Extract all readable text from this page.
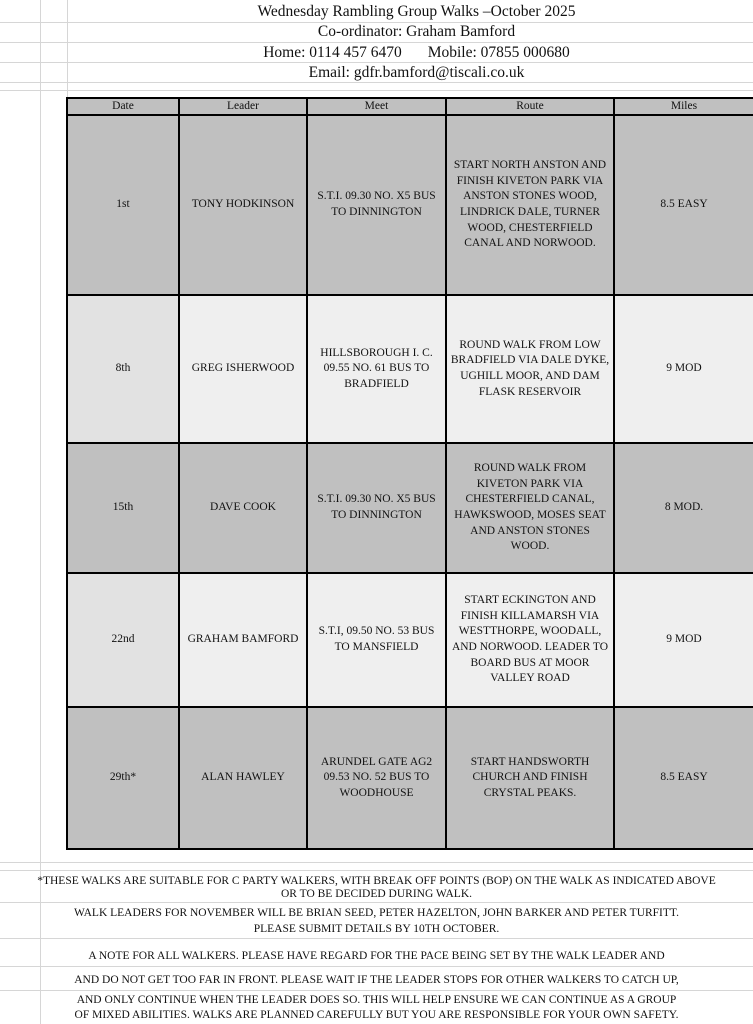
Wednesday Rambling Group Walks –October 2025
Co-ordinator: Graham Bamford
Home: 0114 457 6470 Mobile: 07855 000680
Email: gdfr.bamford@tiscali.co.uk
Date	Leader	Meet	Route	Miles
1st	TONY HODKINSON	S.T.I. 09.30 NO. X5 BUS TO DINNINGTON	START NORTH ANSTON AND FINISH KIVETON PARK VIA ANSTON STONES WOOD, LINDRICK DALE, TURNER WOOD, CHESTERFIELD CANAL AND NORWOOD.	8.5 EASY
8th	GREG ISHERWOOD	HILLSBOROUGH I. C. 09.55 NO. 61 BUS TO BRADFIELD	ROUND WALK FROM LOW BRADFIELD VIA DALE DYKE, UGHILL MOOR, AND DAM FLASK RESERVOIR	9 MOD
15th	DAVE COOK	S.T.I. 09.30 NO. X5 BUS TO DINNINGTON	ROUND WALK FROM KIVETON PARK VIA CHESTERFIELD CANAL, HAWKSWOOD, MOSES SEAT AND ANSTON STONES WOOD.	8 MOD.
22nd	GRAHAM BAMFORD	S.T.I, 09.50 NO. 53 BUS TO MANSFIELD	START ECKINGTON AND FINISH KILLAMARSH VIA WESTTHORPE, WOODALL, AND NORWOOD. LEADER TO BOARD BUS AT MOOR VALLEY ROAD	9 MOD
29th*	ALAN HAWLEY	ARUNDEL GATE AG2 09.53 NO. 52 BUS TO WOODHOUSE	START HANDSWORTH CHURCH AND FINISH CRYSTAL PEAKS.	8.5 EASY
*THESE WALKS ARE SUITABLE FOR C PARTY WALKERS, WITH BREAK OFF POINTS (BOP) ON THE WALK AS INDICATED ABOVE
OR TO BE DECIDED DURING WALK.
WALK LEADERS FOR NOVEMBER WILL BE BRIAN SEED, PETER HAZELTON, JOHN BARKER AND PETER TURFITT.
PLEASE SUBMIT DETAILS BY 10TH OCTOBER.
A NOTE FOR ALL WALKERS. PLEASE HAVE REGARD FOR THE PACE BEING SET BY THE WALK LEADER AND
AND DO NOT GET TOO FAR IN FRONT. PLEASE WAIT IF THE LEADER STOPS FOR OTHER WALKERS TO CATCH UP,
AND ONLY CONTINUE WHEN THE LEADER DOES SO. THIS WILL HELP ENSURE WE CAN CONTINUE AS A GROUP
OF MIXED ABILITIES. WALKS ARE PLANNED CAREFULLY BUT YOU ARE RESPONSIBLE FOR YOUR OWN SAFETY.
